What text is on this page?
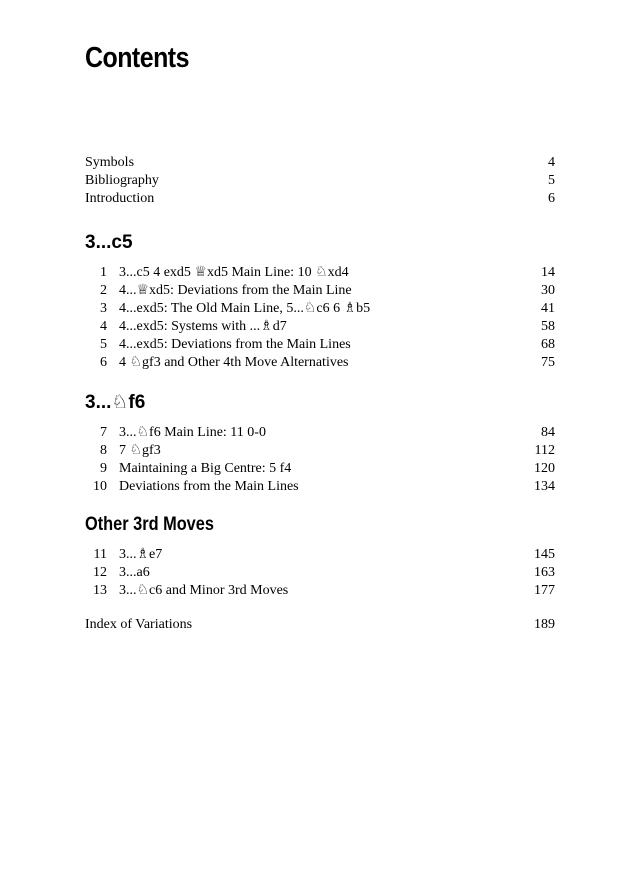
Contents
Symbols	4
Bibliography	5
Introduction	6
3...c5
1 3...c5 4 exd5 ♕xd5 Main Line: 10 ♘xd4	14
2 4...♕xd5: Deviations from the Main Line	30
3 4...exd5: The Old Main Line, 5...♘c6 6 ♗b5	41
4 4...exd5: Systems with ...♗d7	58
5 4...exd5: Deviations from the Main Lines	68
6 4 ♘gf3 and Other 4th Move Alternatives	75
3...♘f6
7 3...♘f6 Main Line: 11 0-0	84
8 7 ♘gf3	112
9 Maintaining a Big Centre: 5 f4	120
10 Deviations from the Main Lines	134
Other 3rd Moves
11 3...♗e7	145
12 3...a6	163
13 3...♘c6 and Minor 3rd Moves	177
Index of Variations	189
